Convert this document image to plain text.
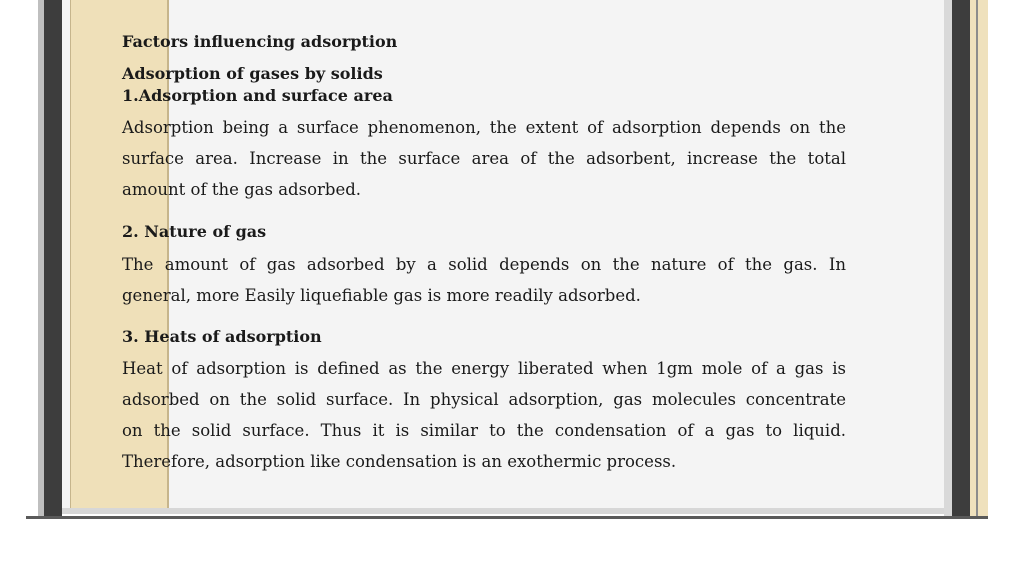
Factors influencing adsorption
Adsorption of gases by solids
1.Adsorption and surface area
Adsorption being a surface phenomenon, the extent of adsorption depends on the
surface area. Increase in the surface area of the adsorbent, increase the total
amount of the gas adsorbed.
2. Nature of gas
The amount of gas adsorbed by a solid depends on the nature of the gas. In
general, more Easily liquefiable gas is more readily adsorbed.
3. Heats of adsorption
Heat of adsorption is defined as the energy liberated when 1gm mole of a gas is
adsorbed on the solid surface. In physical adsorption, gas molecules concentrate
on the solid surface. Thus it is similar to the condensation of a gas to liquid.
Therefore, adsorption like condensation is an exothermic process.
